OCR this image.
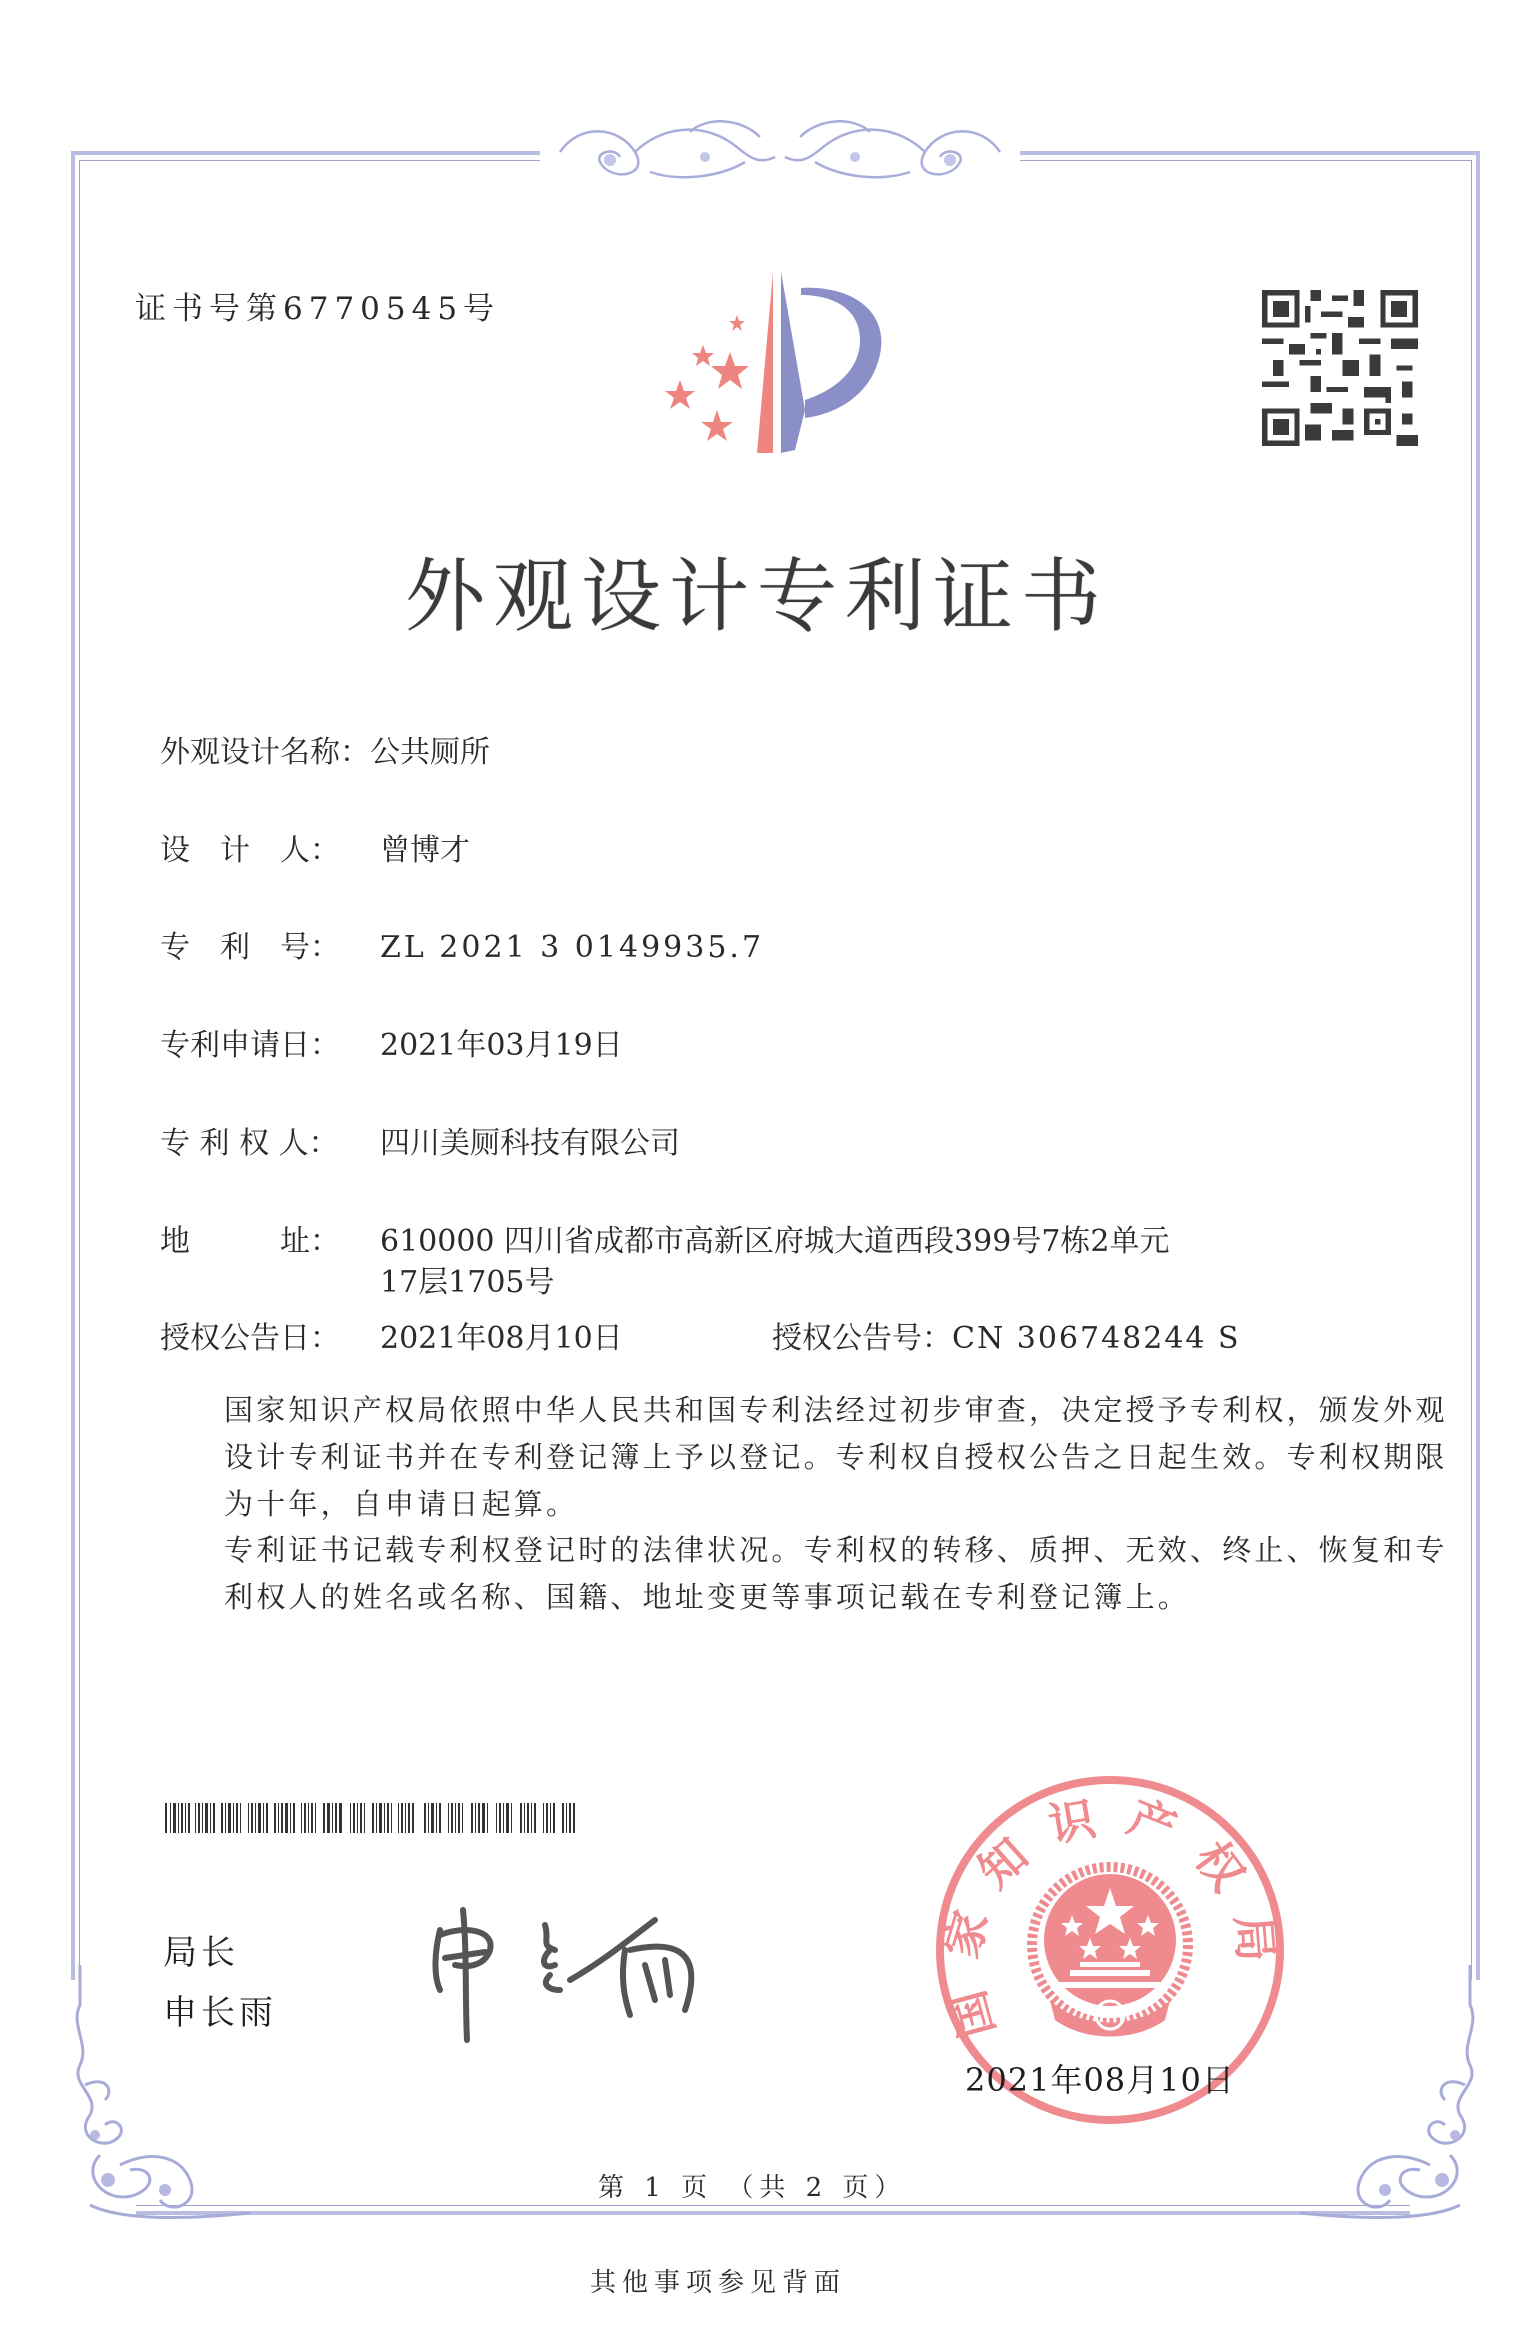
证书号第6770545号
外观设计专利证书
外观设计名称：公共厕所
设　计　人： 曾博才
专　利　号： ZL 2021 3 0149935.7
专利申请日： 2021年03月19日
专 利 权 人： 四川美厕科技有限公司
地　　　址： 610000 四川省成都市高新区府城大道西段399号7栋2单元
17层1705号
授权公告日： 2021年08月10日	授权公告号：CN 306748244 S
国家知识产权局依照中华人民共和国专利法经过初步审查，决定授予专利权，颁发外观设计专利证书并在专利登记簿上予以登记。专利权自授权公告之日起生效。专利权期限为十年，自申请日起算。
专利证书记载专利权登记时的法律状况。专利权的转移、质押、无效、终止、恢复和专利权人的姓名或名称、国籍、地址变更等事项记载在专利登记簿上。
局长
申长雨	国家知识产权局
2021年08月10日
第 1 页 （共 2 页）
其他事项参见背面
